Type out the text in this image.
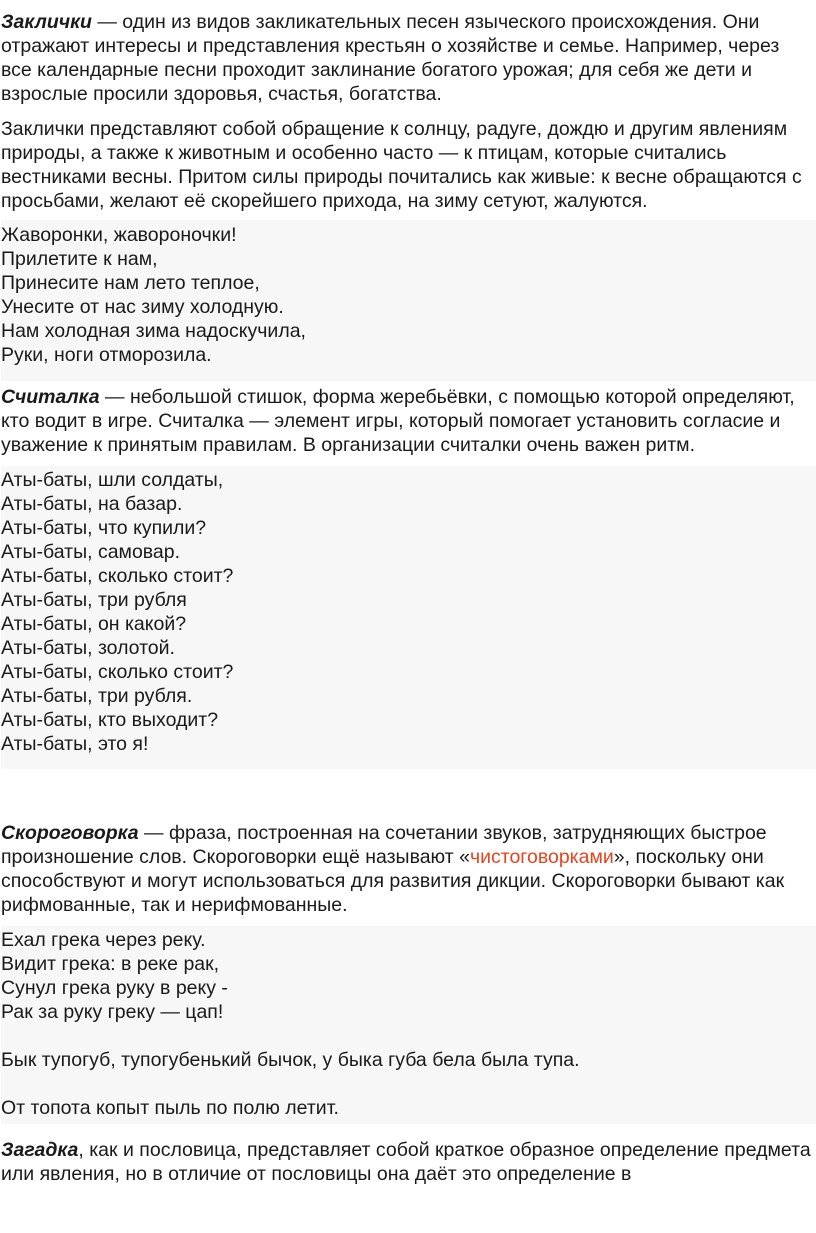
Заклички — один из видов закликательных песен языческого происхождения. Они отражают интересы и представления крестьян о хозяйстве и семье. Например, через все календарные песни проходит заклинание богатого урожая; для себя же дети и взрослые просили здоровья, счастья, богатства.

Заклички представляют собой обращение к солнцу, радуге, дождю и другим явлениям природы, а также к животным и особенно часто — к птицам, которые считались вестниками весны. Притом силы природы почитались как живые: к весне обращаются с просьбами, желают её скорейшего прихода, на зиму сетуют, жалуются.

Жаворонки, жавороночки!
Прилетите к нам,
Принесите нам лето теплое,
Унесите от нас зиму холодную.
Нам холодная зима надоскучила,
Руки, ноги отморозила.

Считалка — небольшой стишок, форма жеребьёвки, с помощью которой определяют, кто водит в игре. Считалка — элемент игры, который помогает установить согласие и уважение к принятым правилам. В организации считалки очень важен ритм.

Аты-баты, шли солдаты,
Аты-баты, на базар.
Аты-баты, что купили?
Аты-баты, самовар.
Аты-баты, сколько стоит?
Аты-баты, три рубля
Аты-баты, он какой?
Аты-баты, золотой.
Аты-баты, сколько стоит?
Аты-баты, три рубля.
Аты-баты, кто выходит?
Аты-баты, это я!

Скороговорка — фраза, построенная на сочетании звуков, затрудняющих быстрое произношение слов. Скороговорки ещё называют «чистоговорками», поскольку они способствуют и могут использоваться для развития дикции. Скороговорки бывают как рифмованные, так и нерифмованные.

Ехал грека через реку.
Видит грека: в реке рак,
Сунул грека руку в реку -
Рак за руку греку — цап!
Бык тупогуб, тупогубенький бычок, у быка губа бела была тупа.
От топота копыт пыль по полю летит.

Загадка, как и пословица, представляет собой краткое образное определение предмета или явления, но в отличие от пословицы она даёт это определение в
